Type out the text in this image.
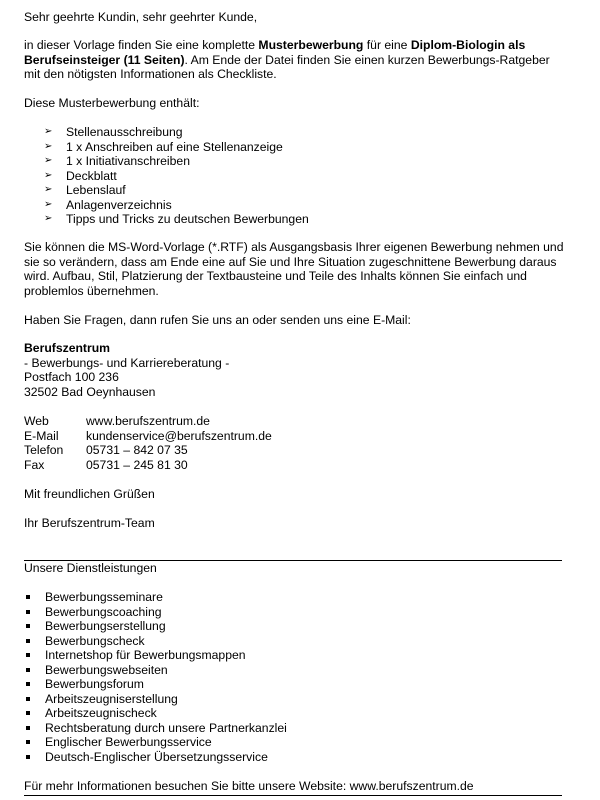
Sehr geehrte Kundin, sehr geehrter Kunde,

in dieser Vorlage finden Sie eine komplette Musterbewerbung für eine Diplom-Biologin als Berufseinsteiger (11 Seiten). Am Ende der Datei finden Sie einen kurzen Bewerbungs-Ratgeber mit den nötigsten Informationen als Checkliste.

Diese Musterbewerbung enthält:

➢ Stellenausschreibung
➢ 1 x Anschreiben auf eine Stellenanzeige
➢ 1 x Initiativanschreiben
➢ Deckblatt
➢ Lebenslauf
➢ Anlagenverzeichnis
➢ Tipps und Tricks zu deutschen Bewerbungen

Sie können die MS-Word-Vorlage (*.RTF) als Ausgangsbasis Ihrer eigenen Bewerbung nehmen und sie so verändern, dass am Ende eine auf Sie und Ihre Situation zugeschnittene Bewerbung daraus wird. Aufbau, Stil, Platzierung der Textbausteine und Teile des Inhalts können Sie einfach und problemlos übernehmen.

Haben Sie Fragen, dann rufen Sie uns an oder senden uns eine E-Mail:

Berufszentrum
- Bewerbungs- und Karriereberatung -
Postfach 100 236
32502 Bad Oeynhausen
Web	www.berufszentrum.de
E-Mail	kundenservice@berufszentrum.de
Telefon	05731 – 842 07 35
Fax	05731 – 245 81 30

Mit freundlichen Grüßen

Ihr Berufszentrum-Team

Unsere Dienstleistungen

Bewerbungsseminare
Bewerbungscoaching
Bewerbungserstellung
Bewerbungscheck
Internetshop für Bewerbungsmappen
Bewerbungswebseiten
Bewerbungsforum
Arbeitszeugniserstellung
Arbeitszeugnischeck
Rechtsberatung durch unsere Partnerkanzlei
Englischer Bewerbungsservice
Deutsch-Englischer Übersetzungsservice

Für mehr Informationen besuchen Sie bitte unsere Website: www.berufszentrum.de
